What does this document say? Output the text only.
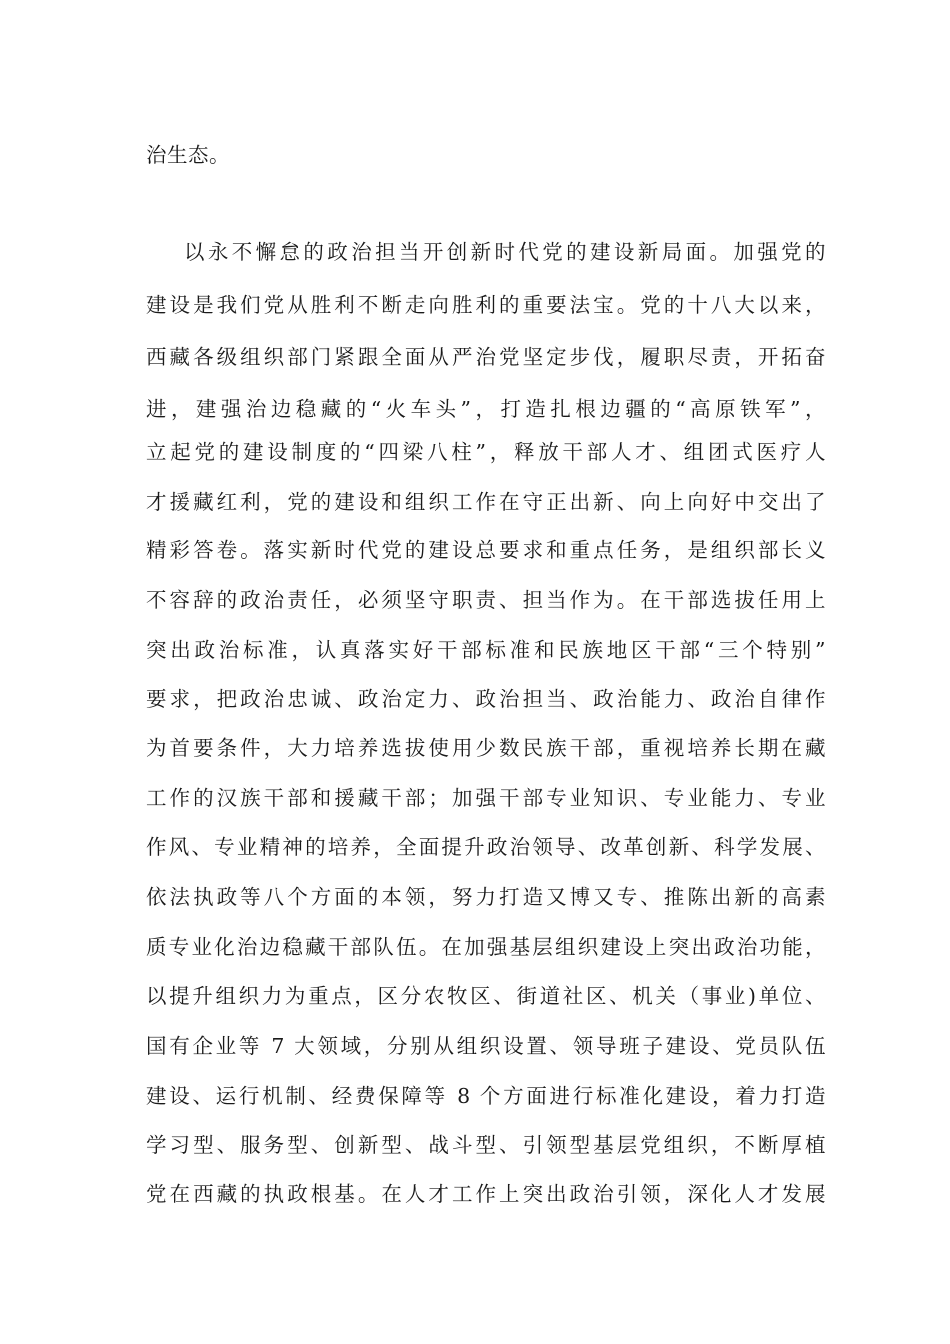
治生态。
以永不懈怠的政治担当开创新时代党的建设新局面。加强党的
建设是我们党从胜利不断走向胜利的重要法宝。党的十八大以来，
西藏各级组织部门紧跟全面从严治党坚定步伐，履职尽责，开拓奋
进，建强治边稳藏的“火车头”，打造扎根边疆的“高原铁军”，
立起党的建设制度的“四梁八柱”，释放干部人才、组团式医疗人
才援藏红利，党的建设和组织工作在守正出新、向上向好中交出了
精彩答卷。落实新时代党的建设总要求和重点任务，是组织部长义
不容辞的政治责任，必须坚守职责、担当作为。在干部选拔任用上
突出政治标准，认真落实好干部标准和民族地区干部“三个特别”
要求，把政治忠诚、政治定力、政治担当、政治能力、政治自律作
为首要条件，大力培养选拔使用少数民族干部，重视培养长期在藏
工作的汉族干部和援藏干部；加强干部专业知识、专业能力、专业
作风、专业精神的培养，全面提升政治领导、改革创新、科学发展、
依法执政等八个方面的本领，努力打造又博又专、推陈出新的高素
质专业化治边稳藏干部队伍。在加强基层组织建设上突出政治功能，
以提升组织力为重点，区分农牧区、街道社区、机关（事业)单位、
国有企业等 7 大领域，分别从组织设置、领导班子建设、党员队伍
建设、运行机制、经费保障等 8 个方面进行标准化建设，着力打造
学习型、服务型、创新型、战斗型、引领型基层党组织，不断厚植
党在西藏的执政根基。在人才工作上突出政治引领，深化人才发展
